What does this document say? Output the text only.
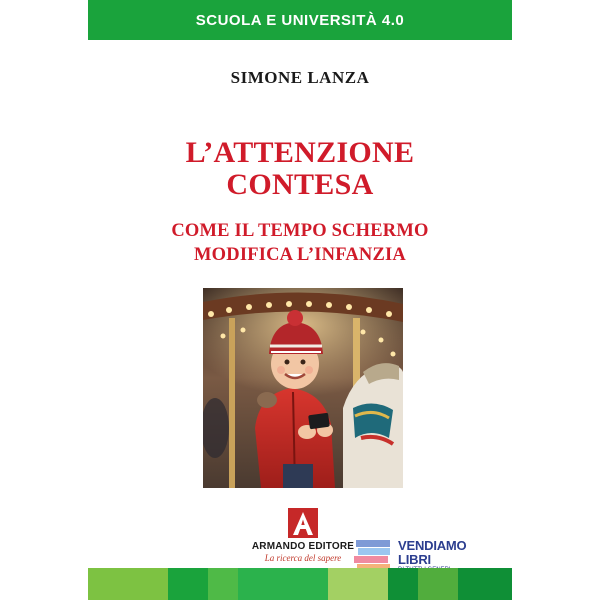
SCUOLA E UNIVERSITÀ 4.0
SIMONE LANZA
L’ATTENZIONE
CONTESA
COME IL TEMPO SCHERMO
MODIFICA L’INFANZIA
ARMANDO EDITORE
La ricerca del sapere
VENDIAMO
LIBRI
